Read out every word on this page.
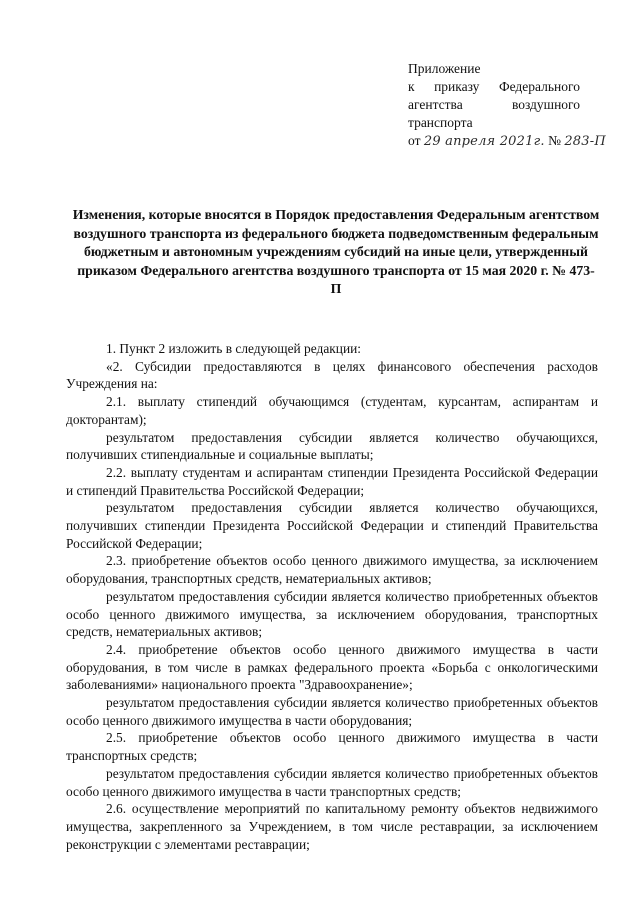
Приложение
к приказу Федерального
агентства	воздушного
транспорта
от 29 апреля 2021г. № 283-П
Изменения, которые вносятся в Порядок предоставления Федеральным агентством воздушного транспорта из федерального бюджета подведомственным федеральным бюджетным и автономным учреждениям субсидий на иные цели, утвержденный приказом Федерального агентства воздушного транспорта от 15 мая 2020 г. № 473-П

1. Пункт 2 изложить в следующей редакции:

«2. Субсидии предоставляются в целях финансового обеспечения расходов Учреждения на:

2.1. выплату стипендий обучающимся (студентам, курсантам, аспирантам и докторантам);

результатом предоставления субсидии является количество обучающихся, получивших стипендиальные и социальные выплаты;

2.2. выплату студентам и аспирантам стипендии Президента Российской Федерации и стипендий Правительства Российской Федерации;

результатом предоставления субсидии является количество обучающихся, получивших стипендии Президента Российской Федерации и стипендий Правительства Российской Федерации;

2.3. приобретение объектов особо ценного движимого имущества, за исключением оборудования, транспортных средств, нематериальных активов;

результатом предоставления субсидии является количество приобретенных объектов особо ценного движимого имущества, за исключением оборудования, транспортных средств, нематериальных активов;

2.4. приобретение объектов особо ценного движимого имущества в части оборудования, в том числе в рамках федерального проекта «Борьба с онкологическими заболеваниями» национального проекта "Здравоохранение»;

результатом предоставления субсидии является количество приобретенных объектов особо ценного движимого имущества в части оборудования;

2.5. приобретение объектов особо ценного движимого имущества в части транспортных средств;

результатом предоставления субсидии является количество приобретенных объектов особо ценного движимого имущества в части транспортных средств;

2.6. осуществление мероприятий по капитальному ремонту объектов недвижимого имущества, закрепленного за Учреждением, в том числе реставрации, за исключением реконструкции с элементами реставрации;
